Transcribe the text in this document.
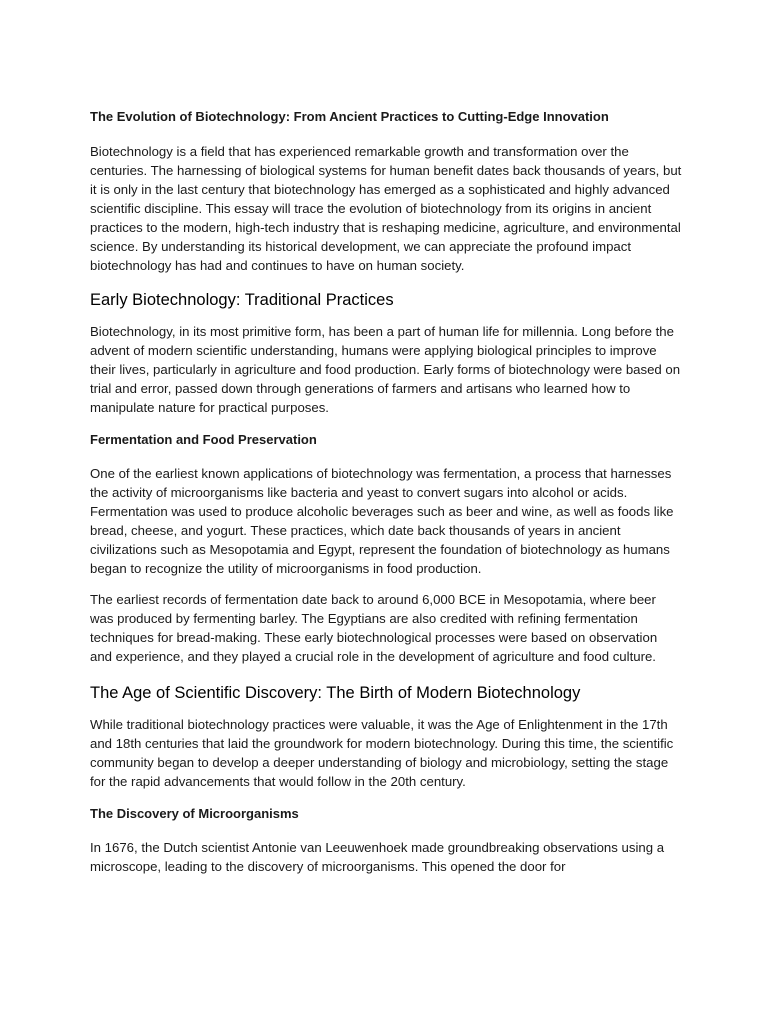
The Evolution of Biotechnology: From Ancient Practices to Cutting-Edge Innovation

Biotechnology is a field that has experienced remarkable growth and transformation over the centuries. The harnessing of biological systems for human benefit dates back thousands of years, but it is only in the last century that biotechnology has emerged as a sophisticated and highly advanced scientific discipline. This essay will trace the evolution of biotechnology from its origins in ancient practices to the modern, high-tech industry that is reshaping medicine, agriculture, and environmental science. By understanding its historical development, we can appreciate the profound impact biotechnology has had and continues to have on human society.

Early Biotechnology: Traditional Practices

Biotechnology, in its most primitive form, has been a part of human life for millennia. Long before the advent of modern scientific understanding, humans were applying biological principles to improve their lives, particularly in agriculture and food production. Early forms of biotechnology were based on trial and error, passed down through generations of farmers and artisans who learned how to manipulate nature for practical purposes.

Fermentation and Food Preservation

One of the earliest known applications of biotechnology was fermentation, a process that harnesses the activity of microorganisms like bacteria and yeast to convert sugars into alcohol or acids. Fermentation was used to produce alcoholic beverages such as beer and wine, as well as foods like bread, cheese, and yogurt. These practices, which date back thousands of years in ancient civilizations such as Mesopotamia and Egypt, represent the foundation of biotechnology as humans began to recognize the utility of microorganisms in food production.

The earliest records of fermentation date back to around 6,000 BCE in Mesopotamia, where beer was produced by fermenting barley. The Egyptians are also credited with refining fermentation techniques for bread-making. These early biotechnological processes were based on observation and experience, and they played a crucial role in the development of agriculture and food culture.

The Age of Scientific Discovery: The Birth of Modern Biotechnology

While traditional biotechnology practices were valuable, it was the Age of Enlightenment in the 17th and 18th centuries that laid the groundwork for modern biotechnology. During this time, the scientific community began to develop a deeper understanding of biology and microbiology, setting the stage for the rapid advancements that would follow in the 20th century.

The Discovery of Microorganisms

In 1676, the Dutch scientist Antonie van Leeuwenhoek made groundbreaking observations using a microscope, leading to the discovery of microorganisms. This opened the door for
